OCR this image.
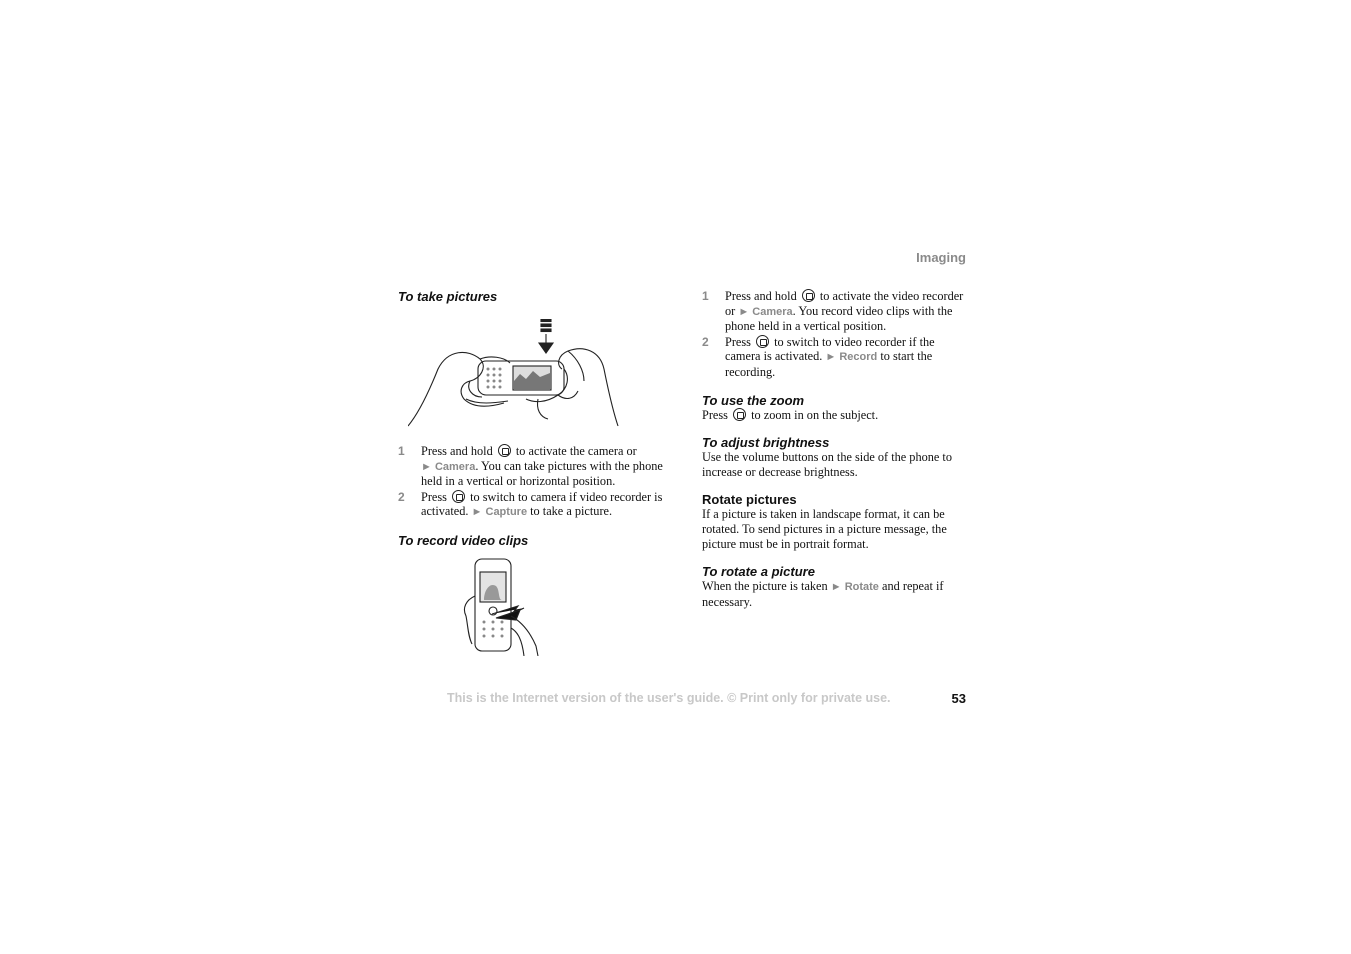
Imaging
To take pictures
1 Press and hold to activate the camera or
► Camera. You can take pictures with the phone held in a vertical or horizontal position.
2 Press to switch to camera if video recorder is activated. ► Capture to take a picture.
To record video clips
1 Press and hold to activate the video recorder or ► Camera. You record video clips with the phone held in a vertical position.
2 Press to switch to video recorder if the camera is activated. ► Record to start the recording.
To use the zoom

Press to zoom in on the subject.

To adjust brightness

Use the volume buttons on the side of the phone to increase or decrease brightness.

Rotate pictures

If a picture is taken in landscape format, it can be rotated. To send pictures in a picture message, the picture must be in portrait format.

To rotate a picture

When the picture is taken ► Rotate and repeat if necessary.

This is the Internet version of the user's guide. © Print only for private use.	53
